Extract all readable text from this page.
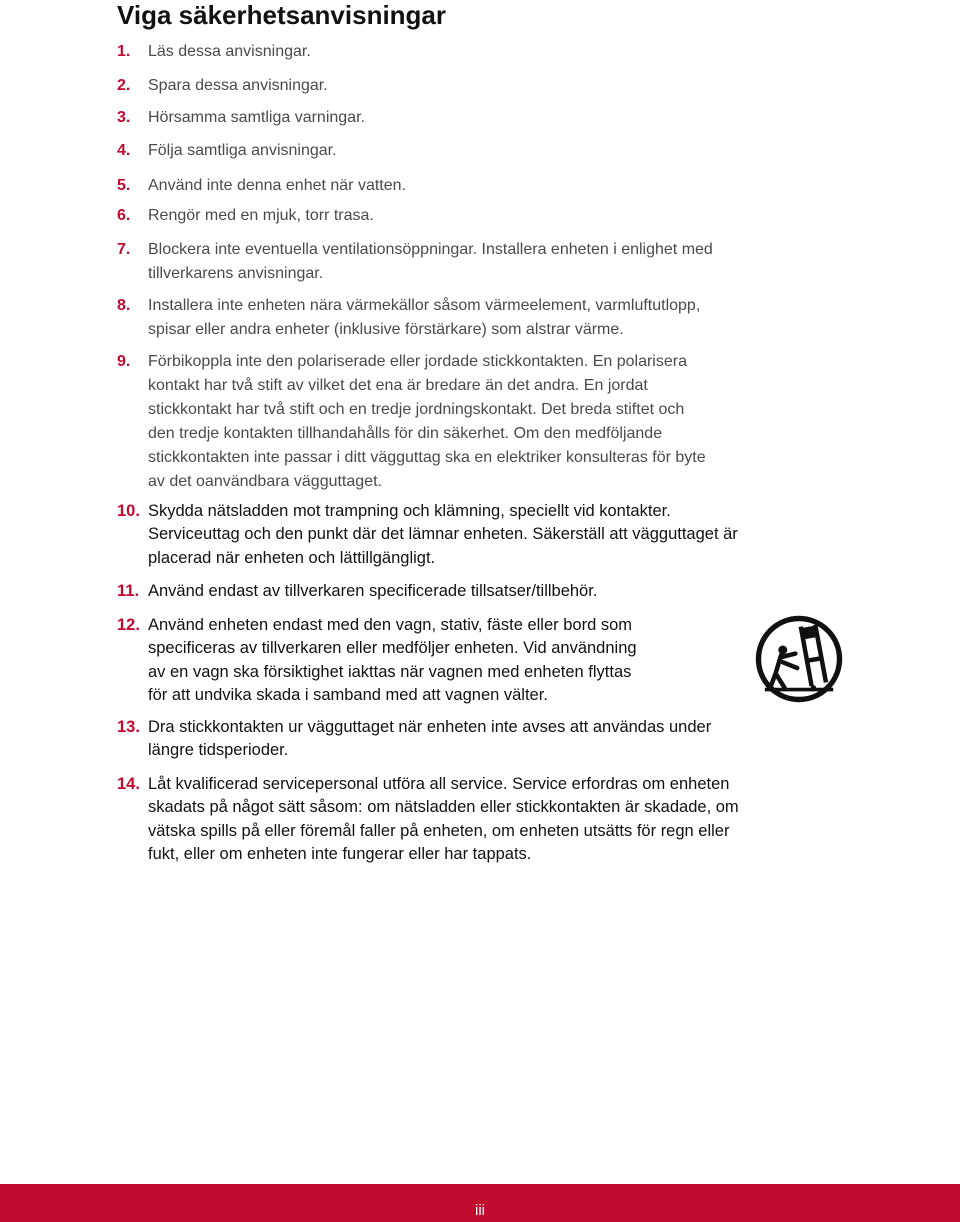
Viga säkerhetsanvisningar
1. Läs dessa anvisningar.

2. Spara dessa anvisningar.

3. Hörsamma samtliga varningar.

4. Följa samtliga anvisningar.

5. Använd inte denna enhet när vatten.

6. Rengör med en mjuk, torr trasa.

7. Blockera inte eventuella ventilationsöppningar. Installera enheten i enlighet med
tillverkarens anvisningar.

8. Installera inte enheten nära värmekällor såsom värmeelement, varmluftutlopp,
spisar eller andra enheter (inklusive förstärkare) som alstrar värme.

9. Förbikoppla inte den polariserade eller jordade stickkontakten. En polarisera
kontakt har två stift av vilket det ena är bredare än det andra. En jordat
stickkontakt har två stift och en tredje jordningskontakt. Det breda stiftet och
den tredje kontakten tillhandahålls för din säkerhet. Om den medföljande
stickkontakten inte passar i ditt vägguttag ska en elektriker konsulteras för byte
av det oanvändbara vägguttaget.

10. Skydda nätsladden mot trampning och klämning, speciellt vid kontakter.
Serviceuttag och den punkt där det lämnar enheten. Säkerställ att vägguttaget är
placerad när enheten och lättillgängligt.

11. Använd endast av tillverkaren specificerade tillsatser/tillbehör.

12. Använd enheten endast med den vagn, stativ, fäste eller bord som
specificeras av tillverkaren eller medföljer enheten. Vid användning
av en vagn ska försiktighet iakttas när vagnen med enheten flyttas
för att undvika skada i samband med att vagnen välter.

13. Dra stickkontakten ur vägguttaget när enheten inte avses att användas under
längre tidsperioder.

14. Låt kvalificerad servicepersonal utföra all service. Service erfordras om enheten
skadats på något sätt såsom: om nätsladden eller stickkontakten är skadade, om
vätska spills på eller föremål faller på enheten, om enheten utsätts för regn eller
fukt, eller om enheten inte fungerar eller har tappats.

iii
